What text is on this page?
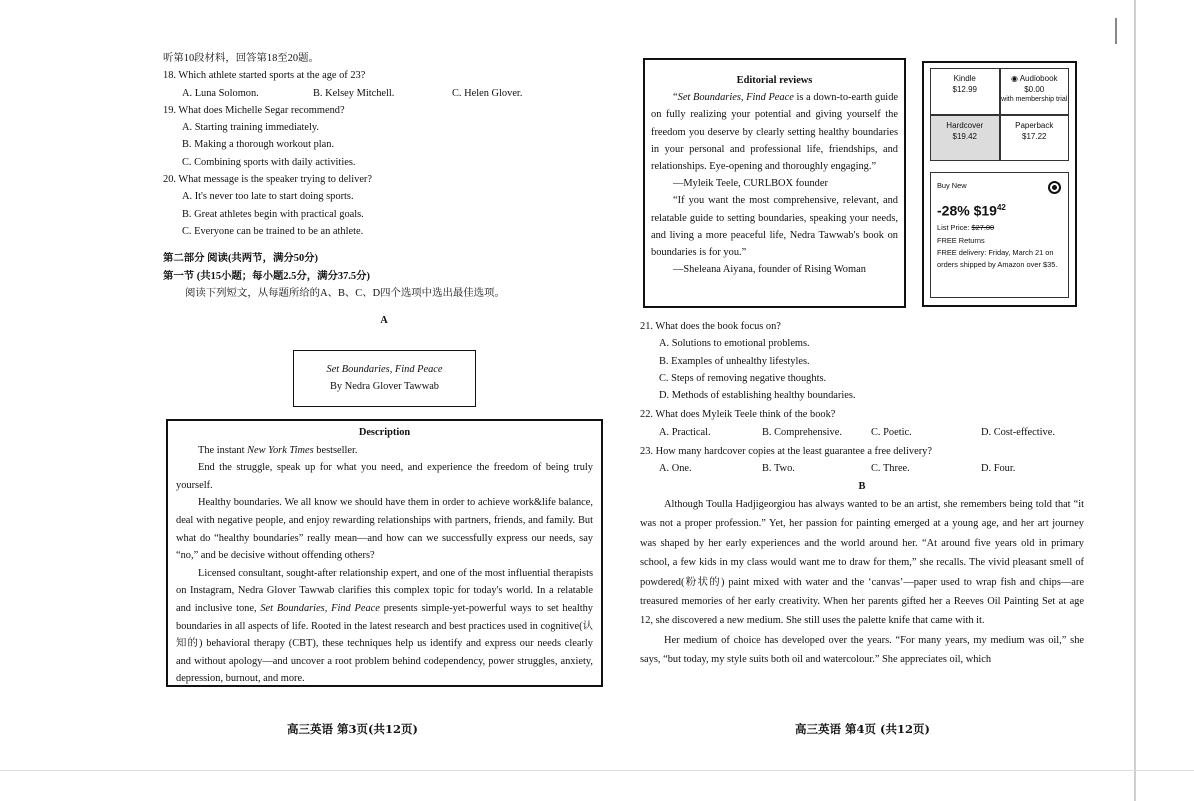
听第10段材料，回答第18至20题。

18. Which athlete started sports at the age of 23?

A. Luna Solomon.	B. Kelsey Mitchell.	C. Helen Glover.

19. What does Michelle Segar recommend?

A. Starting training immediately.

B. Making a thorough workout plan.

C. Combining sports with daily activities.

20. What message is the speaker trying to deliver?

A. It's never too late to start doing sports.

B. Great athletes begin with practical goals.

C. Everyone can be trained to be an athlete.

第二部分 阅读(共两节，满分50分)

第一节 (共15小题；每小题2.5分，满分37.5分)

阅读下列短文，从每题所给的A、B、C、D四个选项中选出最佳选项。

A

Set Boundaries, Find Peace
By Nedra Glover Tawwab

Description

The instant New York Times bestseller.

End the struggle, speak up for what you need, and experience the freedom of being truly yourself.

Healthy boundaries. We all know we should have them in order to achieve work&life balance, deal with negative people, and enjoy rewarding relationships with partners, friends, and family. But what do “healthy boundaries” really mean—and how can we successfully express our needs, say “no,” and be decisive without offending others?

Licensed consultant, sought-after relationship expert, and one of the most influential therapists on Instagram, Nedra Glover Tawwab clarifies this complex topic for today's world. In a relatable and inclusive tone, Set Boundaries, Find Peace presents simple-yet-powerful ways to set healthy boundaries in all aspects of life. Rooted in the latest research and best practices used in cognitive(认知的) behavioral therapy (CBT), these techniques help us identify and express our needs clearly and without apology—and uncover a root problem behind codependency, power struggles, anxiety, depression, burnout, and more.

Editorial reviews

“Set Boundaries, Find Peace is a down-to-earth guide on fully realizing your potential and giving yourself the freedom you deserve by clearly setting healthy boundaries in your personal and professional life, friendships, and relationships. Eye-opening and thoroughly engaging.”

—Myleik Teele, CURLBOX founder

“If you want the most comprehensive, relevant, and relatable guide to setting boundaries, speaking your needs, and living a more peaceful life, Nedra Tawwab's book on boundaries is for you.”

—Sheleana Aiyana, founder of Rising Woman

Kindle
$12.99
◉ Audiobook
$0.00
with membership trial
Hardcover
$19.42
Paperback
$17.22
Buy New
-28% $\$19^{42}$
List Price: $27.00
FREE Returns
FREE delivery: Friday, March 21 on orders shipped by Amazon over $35.

21. What does the book focus on?

A. Solutions to emotional problems.

B. Examples of unhealthy lifestyles.

C. Steps of removing negative thoughts.

D. Methods of establishing healthy boundaries.

22. What does Myleik Teele think of the book?

A. Practical.	B. Comprehensive.	C. Poetic.	D. Cost-effective.

23. How many hardcover copies at the least guarantee a free delivery?

A. One.	B. Two.	C. Three.	D. Four.

B

Although Toulla Hadjigeorgiou has always wanted to be an artist, she remembers being told that “it was not a proper profession.” Yet, her passion for painting emerged at a young age, and her art journey was shaped by her early experiences and the world around her. “At around five years old in primary school, a few kids in my class would want me to draw for them,” she recalls. The vivid pleasant smell of powdered(粉状的) paint mixed with water and the ‘canvas’—paper used to wrap fish and chips—are treasured memories of her early creativity. When her parents gifted her a Reeves Oil Painting Set at age 12, she discovered a new medium. She still uses the palette knife that came with it.

Her medium of choice has developed over the years. “For many years, my medium was oil,” she says, “but today, my style suits both oil and watercolour.” She appreciates oil, which

高三英语 第3页(共12页)	高三英语 第4页 (共12页)
